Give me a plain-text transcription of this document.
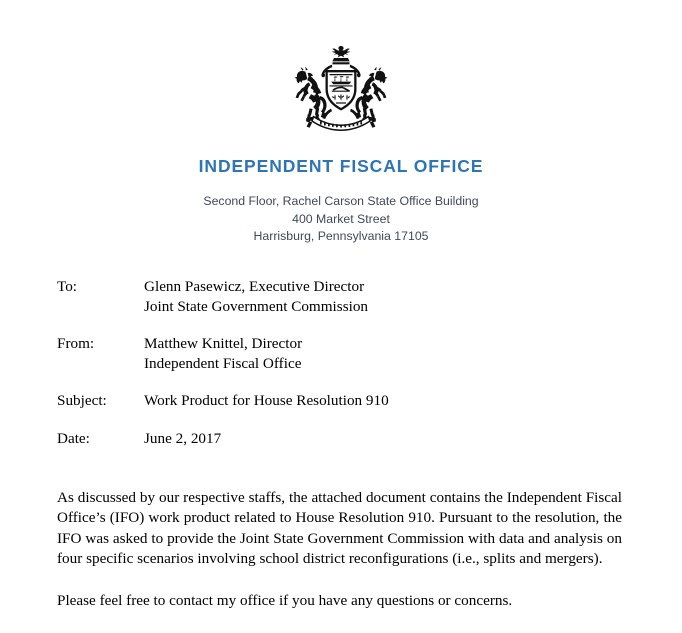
INDEPENDENT FISCAL OFFICE
Second Floor, Rachel Carson State Office Building
400 Market Street
Harrisburg, Pennsylvania 17105
To:	Glenn Pasewicz, Executive Director
Joint State Government Commission
From:	Matthew Knittel, Director
Independent Fiscal Office
Subject:	Work Product for House Resolution 910
Date:	June 2, 2017

As discussed by our respective staffs, the attached document contains the Independent Fiscal Office’s (IFO) work product related to House Resolution 910. Pursuant to the resolution, the IFO was asked to provide the Joint State Government Commission with data and analysis on four specific scenarios involving school district reconfigurations (i.e., splits and mergers).

Please feel free to contact my office if you have any questions or concerns.
